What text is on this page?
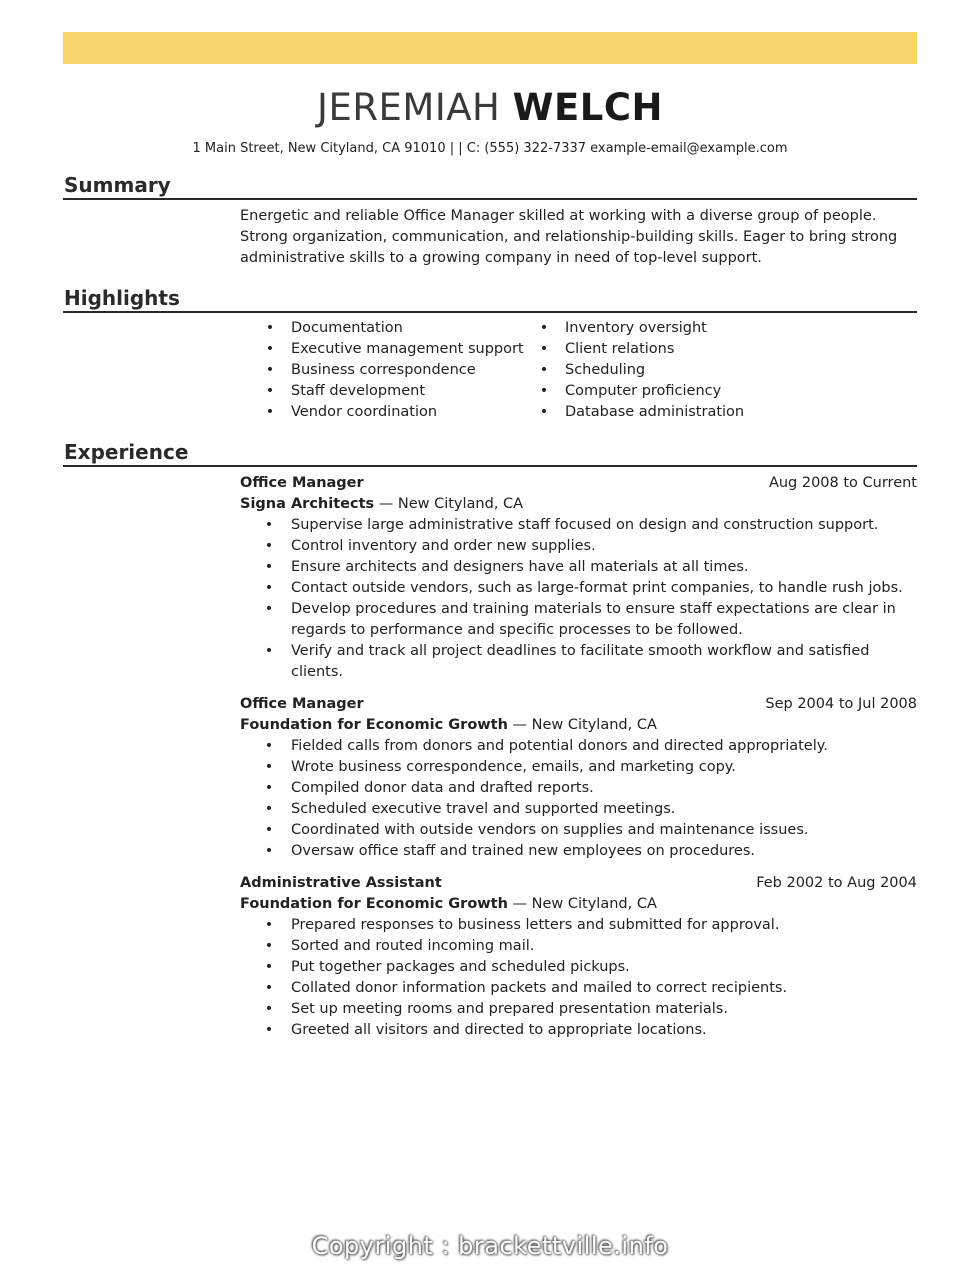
JEREMIAH WELCH
1 Main Street, New Cityland, CA 91010 | | C: (555) 322-7337 example-email@example.com
Summary
Energetic and reliable Office Manager skilled at working with a diverse group of people.
Strong organization, communication, and relationship-building skills. Eager to bring strong
administrative skills to a growing company in need of top-level support.
Highlights
• Documentation
• Executive management support
• Business correspondence
• Staff development
• Vendor coordination
• Inventory oversight
• Client relations
• Scheduling
• Computer proficiency
• Database administration
Experience
Office Manager	Aug 2008 to Current
Signa Architects — New Cityland, CA
• Supervise large administrative staff focused on design and construction support.
• Control inventory and order new supplies.
• Ensure architects and designers have all materials at all times.
• Contact outside vendors, such as large-format print companies, to handle rush jobs.
• Develop procedures and training materials to ensure staff expectations are clear in regards to performance and specific processes to be followed.
• Verify and track all project deadlines to facilitate smooth workflow and satisfied clients.
Office Manager	Sep 2004 to Jul 2008
Foundation for Economic Growth — New Cityland, CA
• Fielded calls from donors and potential donors and directed appropriately.
• Wrote business correspondence, emails, and marketing copy.
• Compiled donor data and drafted reports.
• Scheduled executive travel and supported meetings.
• Coordinated with outside vendors on supplies and maintenance issues.
• Oversaw office staff and trained new employees on procedures.
Administrative Assistant	Feb 2002 to Aug 2004
Foundation for Economic Growth — New Cityland, CA
• Prepared responses to business letters and submitted for approval.
• Sorted and routed incoming mail.
• Put together packages and scheduled pickups.
• Collated donor information packets and mailed to correct recipients.
• Set up meeting rooms and prepared presentation materials.
• Greeted all visitors and directed to appropriate locations.
Copyright : brackettville.info
